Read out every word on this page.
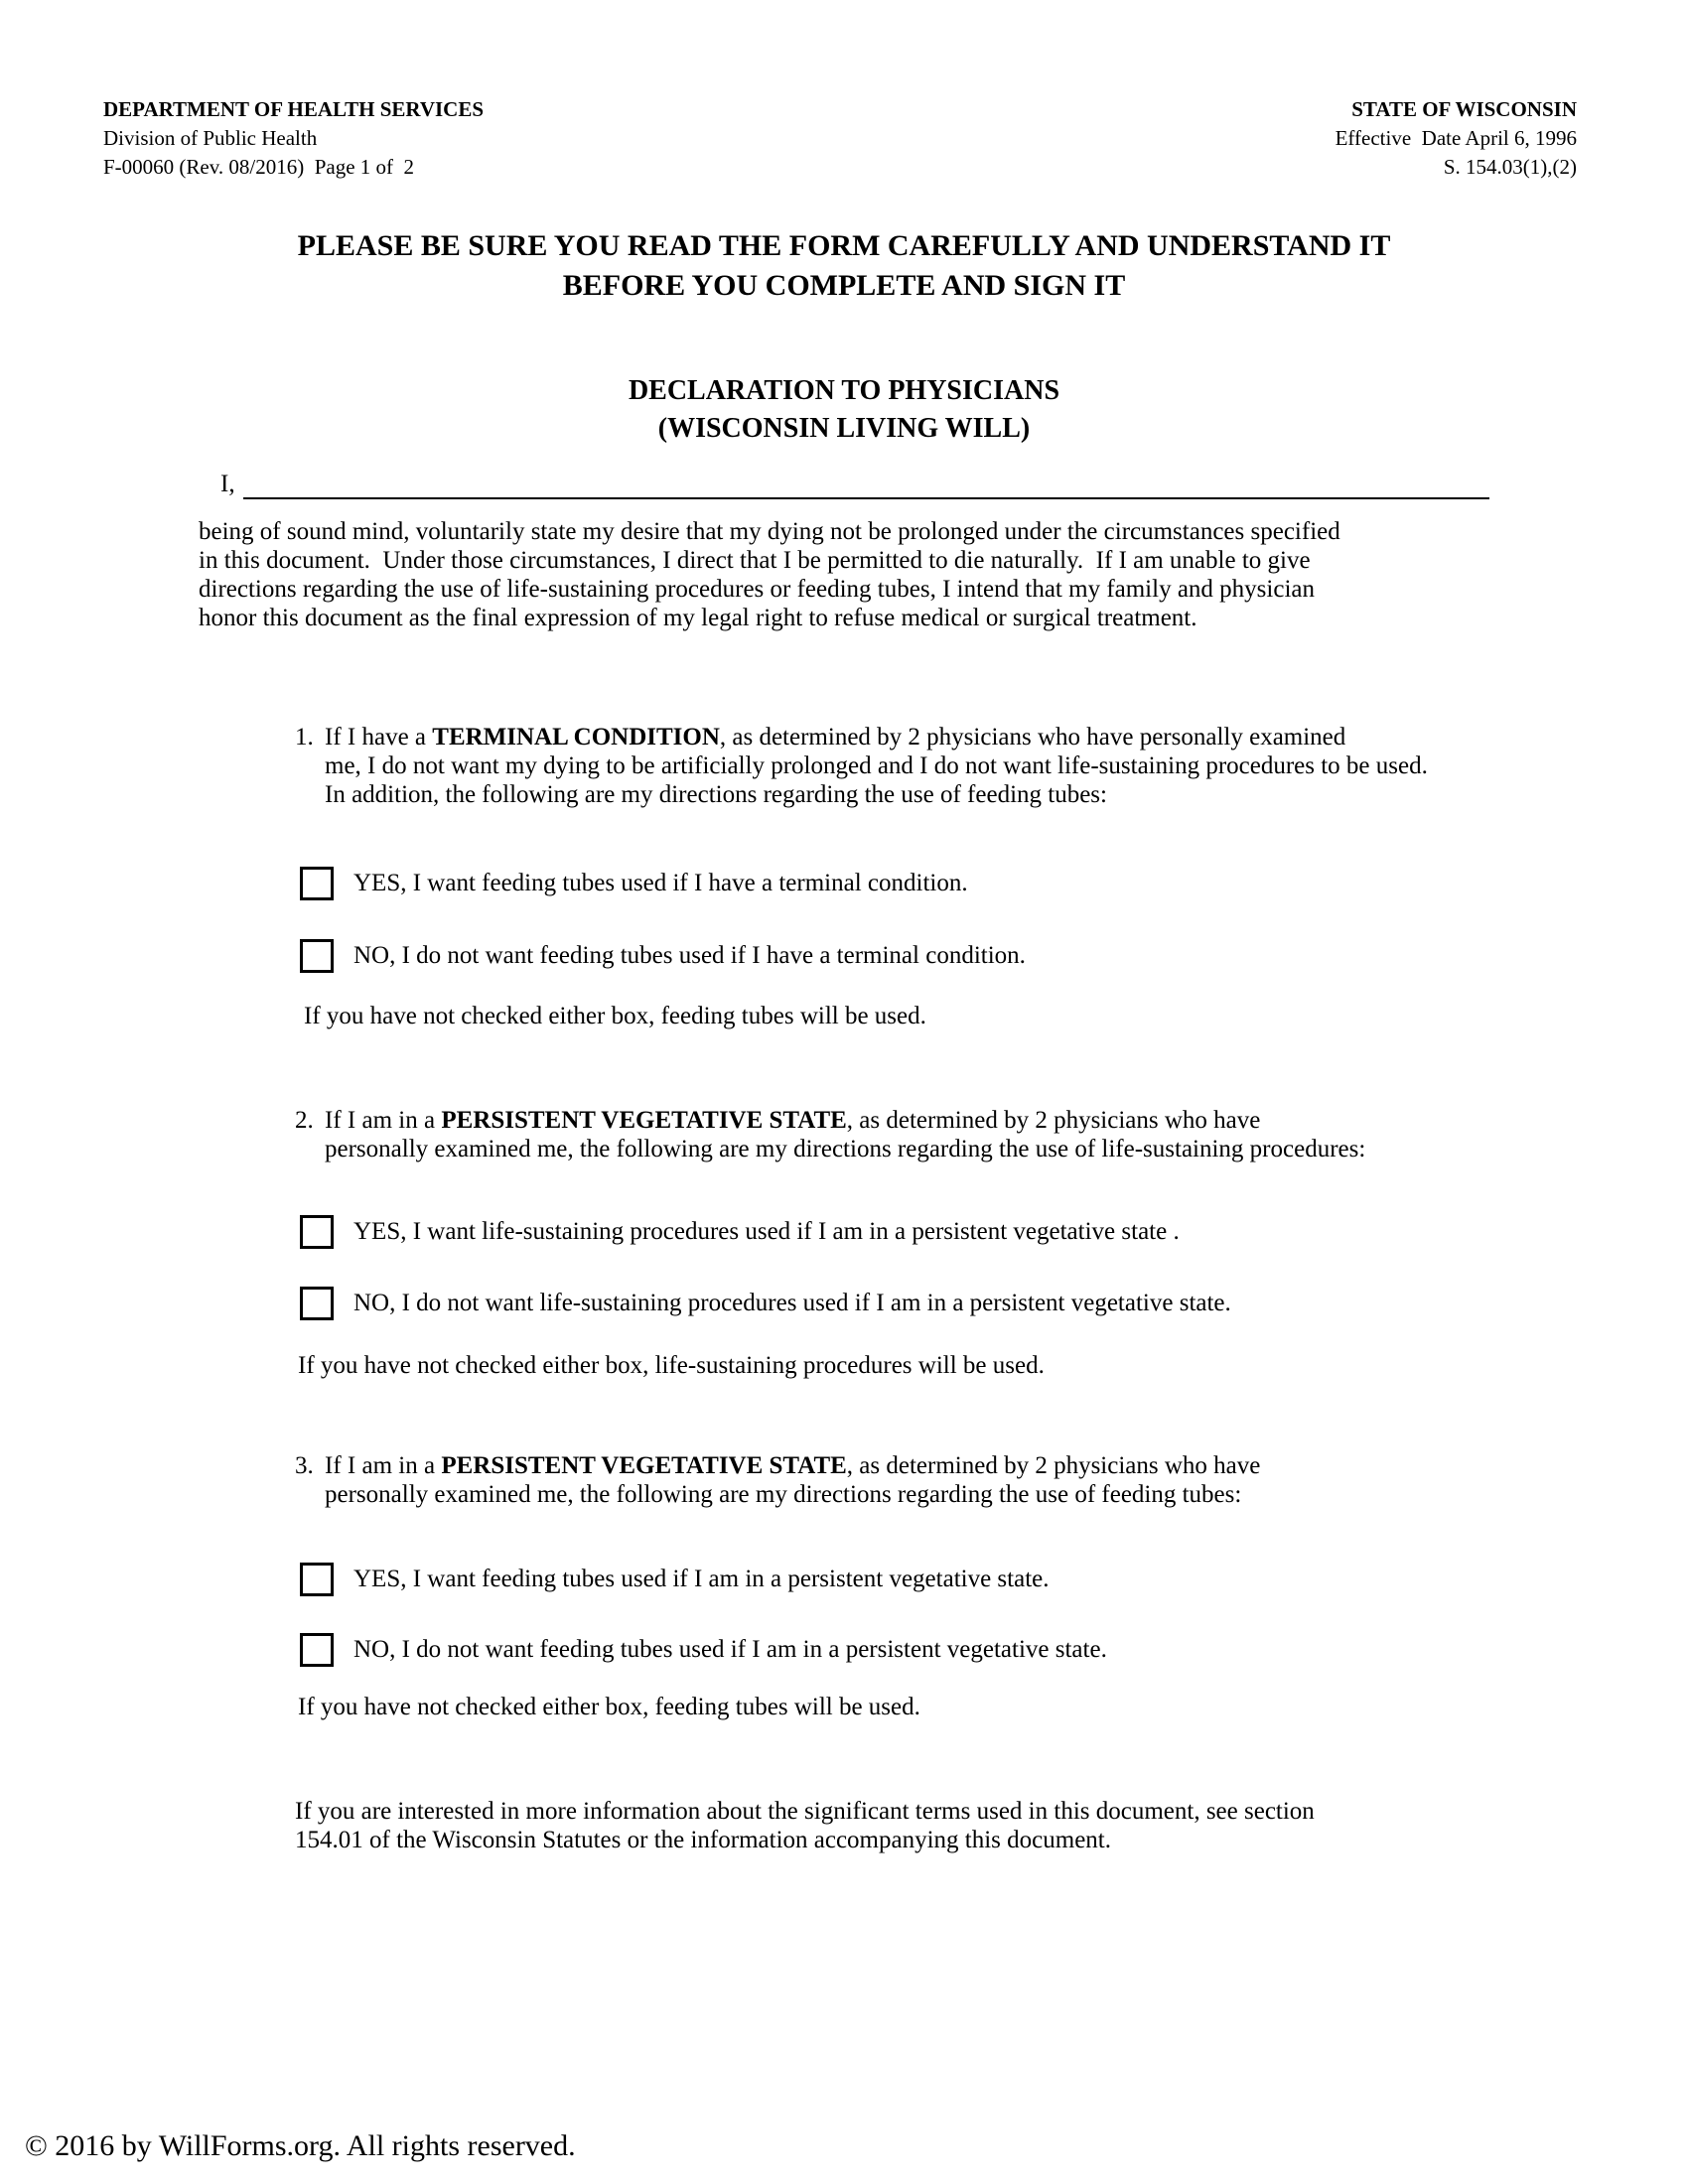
DEPARTMENT OF HEALTH SERVICES
Division of Public Health
F-00060 (Rev. 08/2016)  Page 1 of  2
STATE OF WISCONSIN
Effective  Date April 6, 1996
S. 154.03(1),(2)
PLEASE BE SURE YOU READ THE FORM CAREFULLY AND UNDERSTAND IT
BEFORE YOU COMPLETE AND SIGN IT
DECLARATION TO PHYSICIANS
(WISCONSIN LIVING WILL)
I,
being of sound mind, voluntarily state my desire that my dying not be prolonged under the circumstances specified
in this document.  Under those circumstances, I direct that I be permitted to die naturally.  If I am unable to give
directions regarding the use of life-sustaining procedures or feeding tubes, I intend that my family and physician
honor this document as the final expression of my legal right to refuse medical or surgical treatment.
1. If I have a TERMINAL CONDITION, as determined by 2 physicians who have personally examined
me, I do not want my dying to be artificially prolonged and I do not want life-sustaining procedures to be used.
In addition, the following are my directions regarding the use of feeding tubes:
YES, I want feeding tubes used if I have a terminal condition.
NO, I do not want feeding tubes used if I have a terminal condition.
If you have not checked either box, feeding tubes will be used.
2. If I am in a PERSISTENT VEGETATIVE STATE, as determined by 2 physicians who have
personally examined me, the following are my directions regarding the use of life-sustaining procedures:
YES, I want life-sustaining procedures used if I am in a persistent vegetative state .
NO, I do not want life-sustaining procedures used if I am in a persistent vegetative state.
If you have not checked either box, life-sustaining procedures will be used.
3. If I am in a PERSISTENT VEGETATIVE STATE, as determined by 2 physicians who have
personally examined me, the following are my directions regarding the use of feeding tubes:
YES, I want feeding tubes used if I am in a persistent vegetative state.
NO, I do not want feeding tubes used if I am in a persistent vegetative state.
If you have not checked either box, feeding tubes will be used.
If you are interested in more information about the significant terms used in this document, see section
154.01 of the Wisconsin Statutes or the information accompanying this document.
© 2016 by WillForms.org. All rights reserved.
